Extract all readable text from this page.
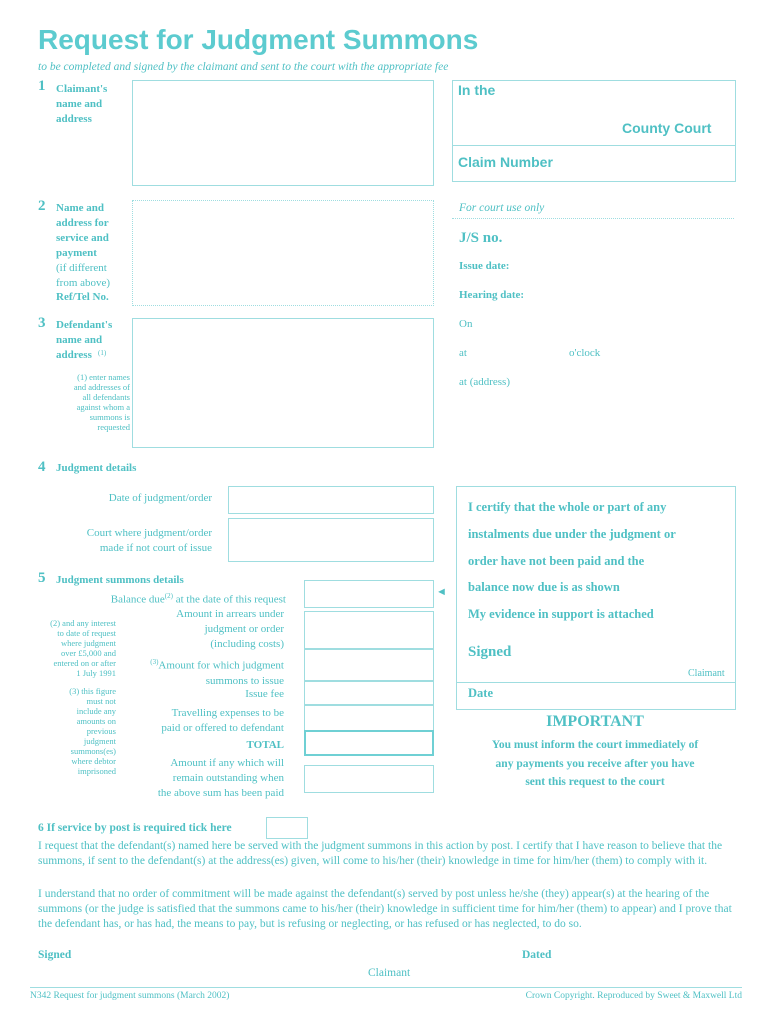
Request for Judgment Summons
to be completed and signed by the claimant and sent to the court with the appropriate fee
1 Claimant's
name and
address
In the
County Court
Claim Number
2 Name and
address for
service and
payment
(if different
from above)
Ref/Tel No.
For court use only
J/S no.
Issue date:
Hearing date:
On
at	o'clock
at (address)
3 Defendant's
name and
address (1)
(1) enter names
and addresses of
all defendants
against whom a
summons is
requested
4 Judgment details
Date of judgment/order
Court where judgment/order
made if not court of issue
5 Judgment summons details
Balance due$^{(2)}$ at the date of this request
◄
Amount in arrears under
judgment or order
(including costs)
(2) and any interest
to date of request
where judgment
over £5,000 and
entered on or after
1 July 1991
$^{(3)}$Amount for which judgment
summons to issue
(3) this figure
must not
include any
amounts on
previous
judgment
summons(es)
where debtor
imprisoned
Issue fee
Travelling expenses to be
paid or offered to defendant
TOTAL
Amount if any which will
remain outstanding when
the above sum has been paid
I certify that the whole or part of any
instalments due under the judgment or
order have not been paid and the
balance now due is as shown
My evidence in support is attached
Signed
Claimant
Date
IMPORTANT
You must inform the court immediately of
any payments you receive after you have
sent this request to the court
6 If service by post is required tick here
I request that the defendant(s) named here be served with the judgment summons in this action by post. I certify that I have reason to believe that the summons, if sent to the defendant(s) at the address(es) given, will come to his/her (their) knowledge in time for him/her (them) to comply with it.
I understand that no order of commitment will be made against the defendant(s) served by post unless he/she (they) appear(s) at the hearing of the summons (or the judge is satisfied that the summons came to his/her (their) knowledge in sufficient time for him/her (them) to appear) and I prove that the defendant has, or has had, the means to pay, but is refusing or neglecting, or has refused or has neglected, to do so.
Signed	Dated
Claimant
N342 Request for judgment summons (March 2002)	Crown Copyright. Reproduced by Sweet & Maxwell Ltd
